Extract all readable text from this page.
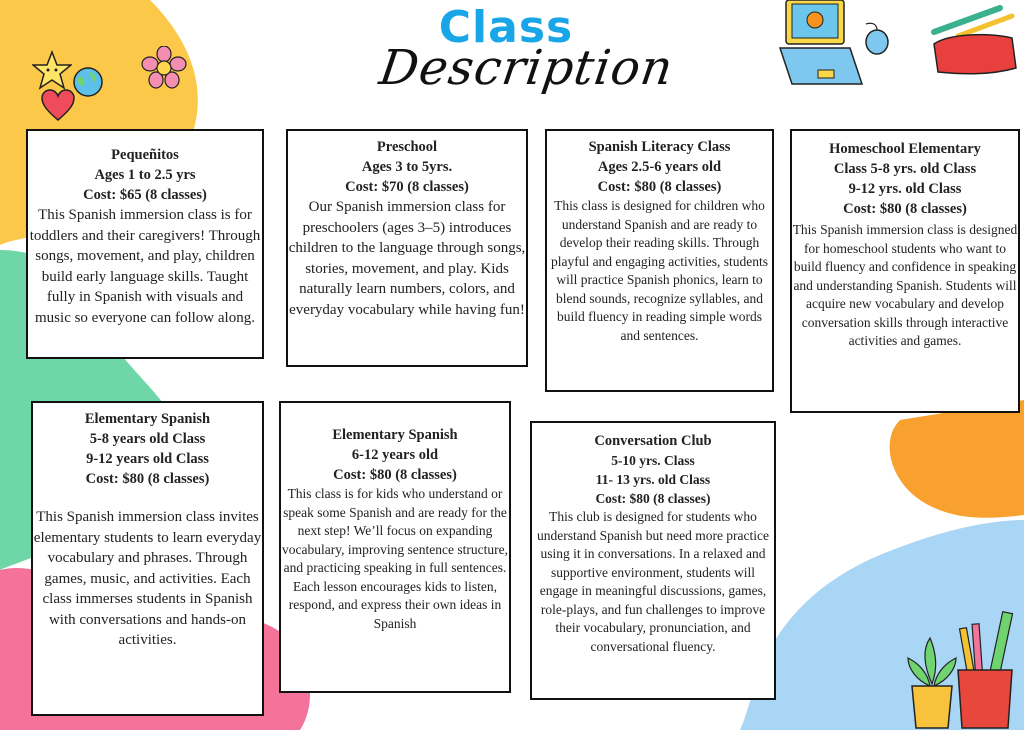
Class
Description
Pequeñitos
Ages 1 to 2.5 yrs
Cost: $65 (8 classes)
This Spanish immersion class is for toddlers and their caregivers! Through songs, movement, and play, children build early language skills. Taught fully in Spanish with visuals and music so everyone can follow along.
Preschool
Ages 3 to 5yrs.
Cost: $70 (8 classes)
Our Spanish immersion class for preschoolers (ages 3–5) introduces children to the language through songs, stories, movement, and play. Kids naturally learn numbers, colors, and everyday vocabulary while having fun!
Spanish Literacy Class
Ages 2.5-6 years old
Cost: $80 (8 classes)
This class is designed for children who understand Spanish and are ready to develop their reading skills. Through playful and engaging activities, students will practice Spanish phonics, learn to blend sounds, recognize syllables, and build fluency in reading simple words and sentences.
Homeschool Elementary
Class 5-8 yrs. old Class
9-12 yrs. old Class
Cost: $80 (8 classes)
This Spanish immersion class is designed for homeschool students who want to build fluency and confidence in speaking and understanding Spanish. Students will acquire new vocabulary and develop conversation skills through interactive activities and games.
Elementary Spanish
5-8 years old Class
9-12 years old Class
Cost: $80 (8 classes)
This Spanish immersion class invites elementary students to learn everyday vocabulary and phrases. Through games, music, and activities. Each class immerses students in Spanish with conversations and hands-on activities.
Elementary Spanish
6-12 years old
Cost: $80 (8 classes)
This class is for kids who understand or speak some Spanish and are ready for the next step! We’ll focus on expanding vocabulary, improving sentence structure, and practicing speaking in full sentences. Each lesson encourages kids to listen, respond, and express their own ideas in Spanish
Conversation Club
5-10 yrs. Class
11- 13 yrs. old Class
Cost: $80 (8 classes)
This club is designed for students who understand Spanish but need more practice using it in conversations. In a relaxed and supportive environment, students will engage in meaningful discussions, games, role-plays, and fun challenges to improve their vocabulary, pronunciation, and conversational fluency.
